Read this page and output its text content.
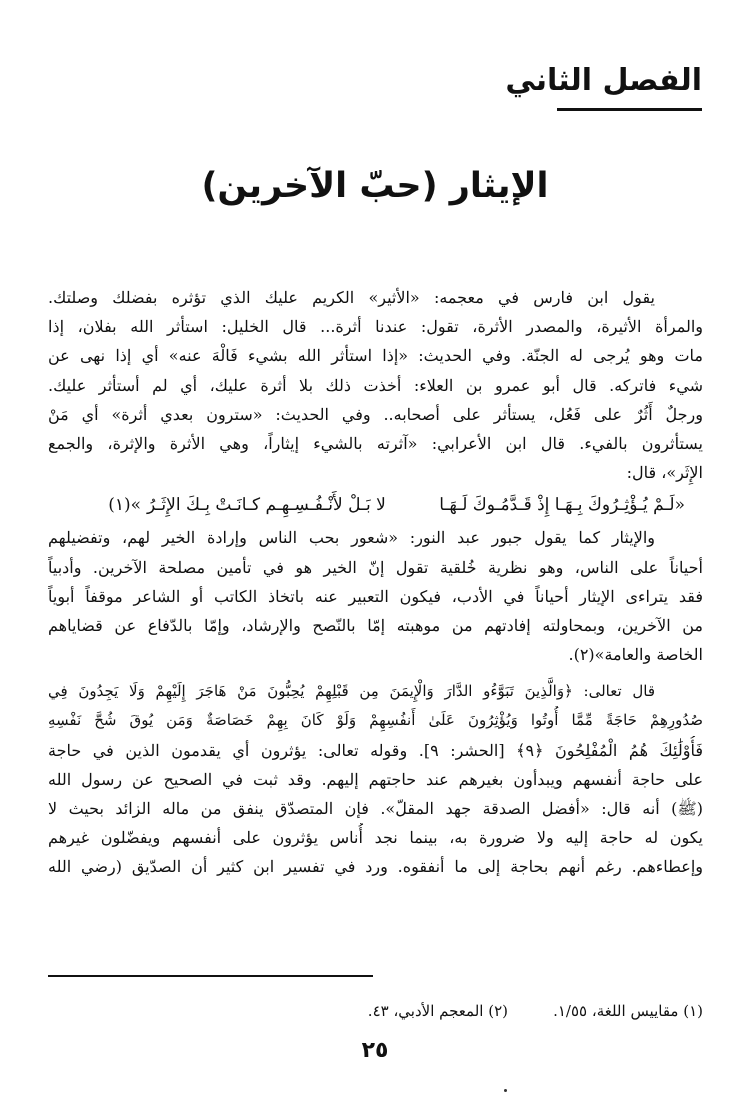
الفصل الثاني
الإيثار (حبّ الآخرين)
يقول ابن فارس في معجمه: «الأثير» الكريم عليك الذي تؤثره بفضلك وصلتك.
والمرأة الأثيرة، والمصدر الأثرة، تقول: عندنا أثرة... قال الخليل: استأثر الله بفلان، إذا
مات وهو يُرجى له الجنّة. وفي الحديث: «إذا استأثر الله بشيء فَالْهَ عنه» أي إذا نهى عن
شيء فاتركه. قال أبو عمرو بن العلاء: أخذت ذلك بلا أثرة عليك، أي لم أستأثر عليك.
ورجلٌ أَثُرٌ على فَعُل، يستأثر على أصحابه.. وفي الحديث: «سترون بعدي أثرة» أي مَنْ
يستأثرون بالفيء. قال ابن الأعرابي: «آثرته بالشيء إيثاراً، وهي الأثرة والإثرة، والجمع
الإِثَر»، قال:
«لَـمْ يُـؤْثِـرُوكَ بِـهَـا إِذْ قَـدَّمُـوكَ لَـهَـا لا بَـلْ لأَنْـفُـسِـهِـم كـانَـتْ بِـكَ الإِثَـرُ»(١)
والإيثار كما يقول جبور عبد النور: «شعور بحب الناس وإرادة الخير لهم، وتفضيلهم
أحياناً على الناس، وهو نظرية خُلقية تقول إنّ الخير هو في تأمين مصلحة الآخرين. وأدبياً
فقد يتراءى الإيثار أحياناً في الأدب، فيكون التعبير عنه باتخاذ الكاتب أو الشاعر موقفاً أبوياً
من الآخرين، وبمحاولته إفادتهم من موهبته إمّا بالنّصح والإرشاد، وإمّا بالدّفاع عن قضاياهم
الخاصة والعامة»(٢).
قال تعالى: ﴿وَالَّذِينَ تَبَوَّءُو الدَّارَ وَالْإِيمَنَ مِن قَبْلِهِمْ يُحِبُّونَ مَنْ هَاجَرَ إِلَيْهِمْ وَلَا يَجِدُونَ فِي
صُدُورِهِمْ حَاجَةً مِّمَّا أُوتُوا وَيُؤْثِرُونَ عَلَىٰ أَنفُسِهِمْ وَلَوْ كَانَ بِهِمْ خَصَاصَةٌ وَمَن يُوقَ شُحَّ نَفْسِهِ
فَأُوْلَٰئِكَ هُمُ الْمُفْلِحُونَ ﴿٩﴾ [الحشر: ٩]. وقوله تعالى: يؤثرون أي يقدمون الذين في حاجة
على حاجة أنفسهم ويبدأون بغيرهم عند حاجتهم إليهم. وقد ثبت في الصحيح عن رسول الله
(ﷺ) أنه قال: «أفضل الصدقة جهد المقلّ». فإن المتصدّق ينفق من ماله الزائد بحيث لا
يكون له حاجة إليه ولا ضرورة به، بينما نجد أُناس يؤثرون على أنفسهم ويفضّلون غيرهم
وإعطاءهم. رغم أنهم بحاجة إلى ما أنفقوه. ورد في تفسير ابن كثير أن الصدّيق (رضي الله
(١) مقاييس اللغة، ١/٥٥.
(٢) المعجم الأدبي، ٤٣.
٢٥
